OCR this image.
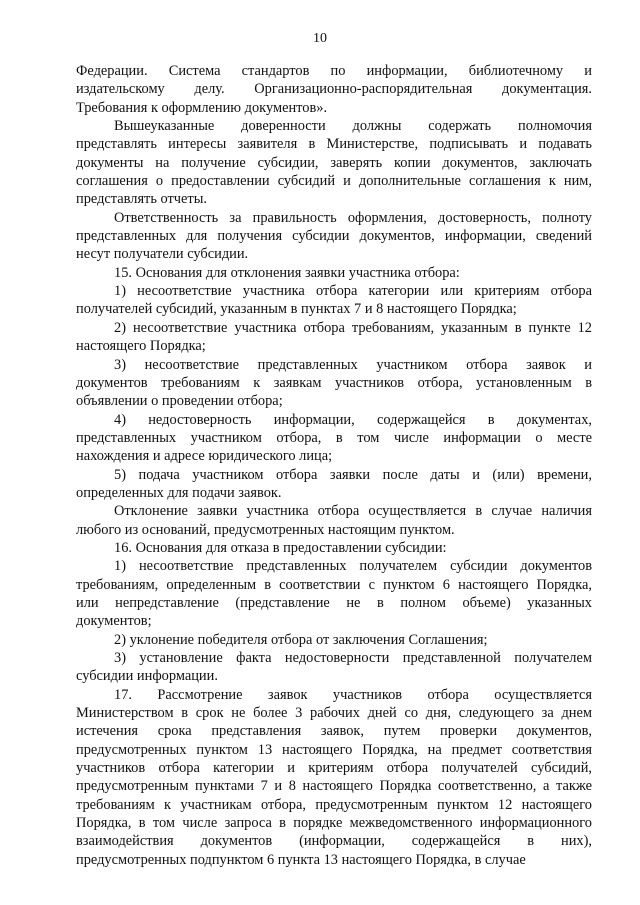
10
Федерации. Система стандартов по информации, библиотечному и
издательскому делу. Организационно-распорядительная документация.
Требования к оформлению документов».
Вышеуказанные доверенности должны содержать полномочия
представлять интересы заявителя в Министерстве, подписывать и подавать
документы на получение субсидии, заверять копии документов, заключать
соглашения о предоставлении субсидий и дополнительные соглашения к ним,
представлять отчеты.
Ответственность за правильность оформления, достоверность, полноту
представленных для получения субсидии документов, информации, сведений
несут получатели субсидии.
15. Основания для отклонения заявки участника отбора:
1) несоответствие участника отбора категории или критериям отбора
получателей субсидий, указанным в пунктах 7 и 8 настоящего Порядка;
2) несоответствие участника отбора требованиям, указанным в пункте 12
настоящего Порядка;
3) несоответствие представленных участником отбора заявок и
документов требованиям к заявкам участников отбора, установленным в
объявлении о проведении отбора;
4) недостоверность информации, содержащейся в документах,
представленных участником отбора, в том числе информации о месте
нахождения и адресе юридического лица;
5) подача участником отбора заявки после даты и (или) времени,
определенных для подачи заявок.
Отклонение заявки участника отбора осуществляется в случае наличия
любого из оснований, предусмотренных настоящим пунктом.
16. Основания для отказа в предоставлении субсидии:
1) несоответствие представленных получателем субсидии документов
требованиям, определенным в соответствии с пунктом 6 настоящего Порядка,
или непредставление (представление не в полном объеме) указанных
документов;
2) уклонение победителя отбора от заключения Соглашения;
3) установление факта недостоверности представленной получателем
субсидии информации.
17. Рассмотрение заявок участников отбора осуществляется
Министерством в срок не более 3 рабочих дней со дня, следующего за днем
истечения срока представления заявок, путем проверки документов,
предусмотренных пунктом 13 настоящего Порядка, на предмет соответствия
участников отбора категории и критериям отбора получателей субсидий,
предусмотренным пунктами 7 и 8 настоящего Порядка соответственно, а также
требованиям к участникам отбора, предусмотренным пунктом 12 настоящего
Порядка, в том числе запроса в порядке межведомственного информационного
взаимодействия документов (информации, содержащейся в них),
предусмотренных подпунктом 6 пункта 13 настоящего Порядка, в случае
